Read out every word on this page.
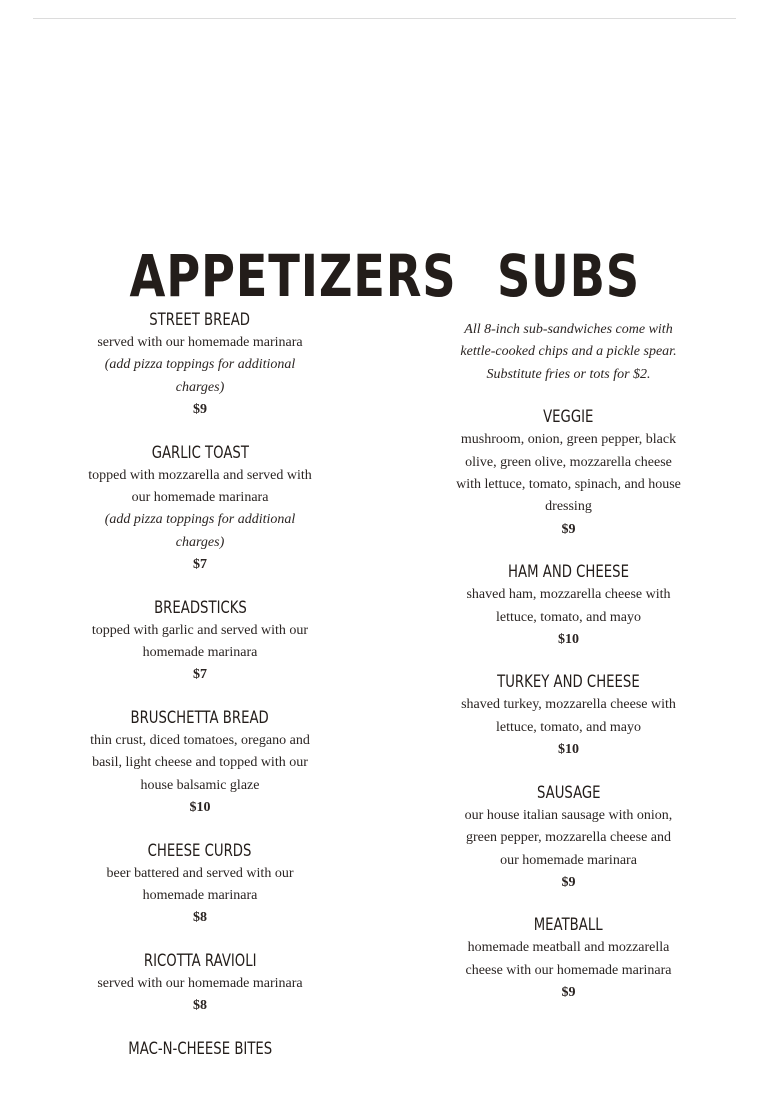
APPETIZERS
STREET BREAD

served with our homemade marinara

(add pizza toppings for additional charges)

$9

GARLIC TOAST

topped with mozzarella and served with our homemade marinara

(add pizza toppings for additional charges)

$7

BREADSTICKS

topped with garlic and served with our homemade marinara

$7

BRUSCHETTA BREAD

thin crust, diced tomatoes, oregano and basil, light cheese and topped with our house balsamic glaze

$10

CHEESE CURDS

beer battered and served with our homemade marinara

$8

RICOTTA RAVIOLI

served with our homemade marinara

$8

MAC-N-CHEESE BITES
SUBS

All 8-inch sub-sandwiches come with kettle-cooked chips and a pickle spear. Substitute fries or tots for $2.

VEGGIE

mushroom, onion, green pepper, black olive, green olive, mozzarella cheese with lettuce, tomato, spinach, and house dressing

$9

HAM AND CHEESE

shaved ham, mozzarella cheese with lettuce, tomato, and mayo

$10

TURKEY AND CHEESE

shaved turkey, mozzarella cheese with lettuce, tomato, and mayo

$10

SAUSAGE

our house italian sausage with onion, green pepper, mozzarella cheese and our homemade marinara

$9

MEATBALL

homemade meatball and mozzarella cheese with our homemade marinara

$9
